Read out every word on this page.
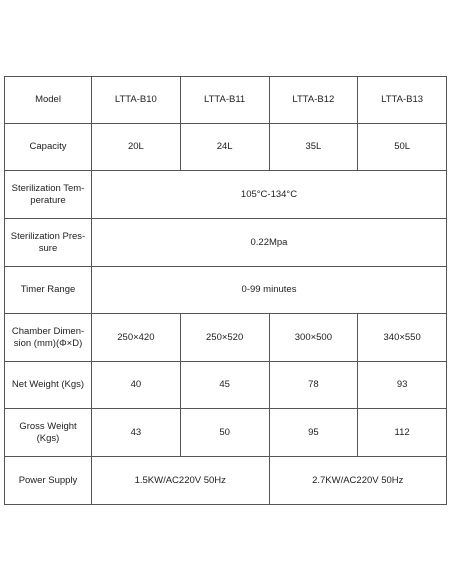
Model	LTTA-B10	LTTA-B11	LTTA-B12	LTTA-B13
Capacity	20L	24L	35L	50L
Sterilization Tem-
perature	105°C-134°C			
Sterilization Pres-
sure	0.22Mpa			
Timer Range	0-99 minutes			
Chamber Dimen-
sion (mm)(Φ×D)	250×420	250×520	300×500	340×550
Net Weight (Kgs)	40	45	78	93
Gross Weight
(Kgs)	43	50	95	112
Power Supply	1.5KW/AC220V 50Hz		2.7KW/AC220V 50Hz	
